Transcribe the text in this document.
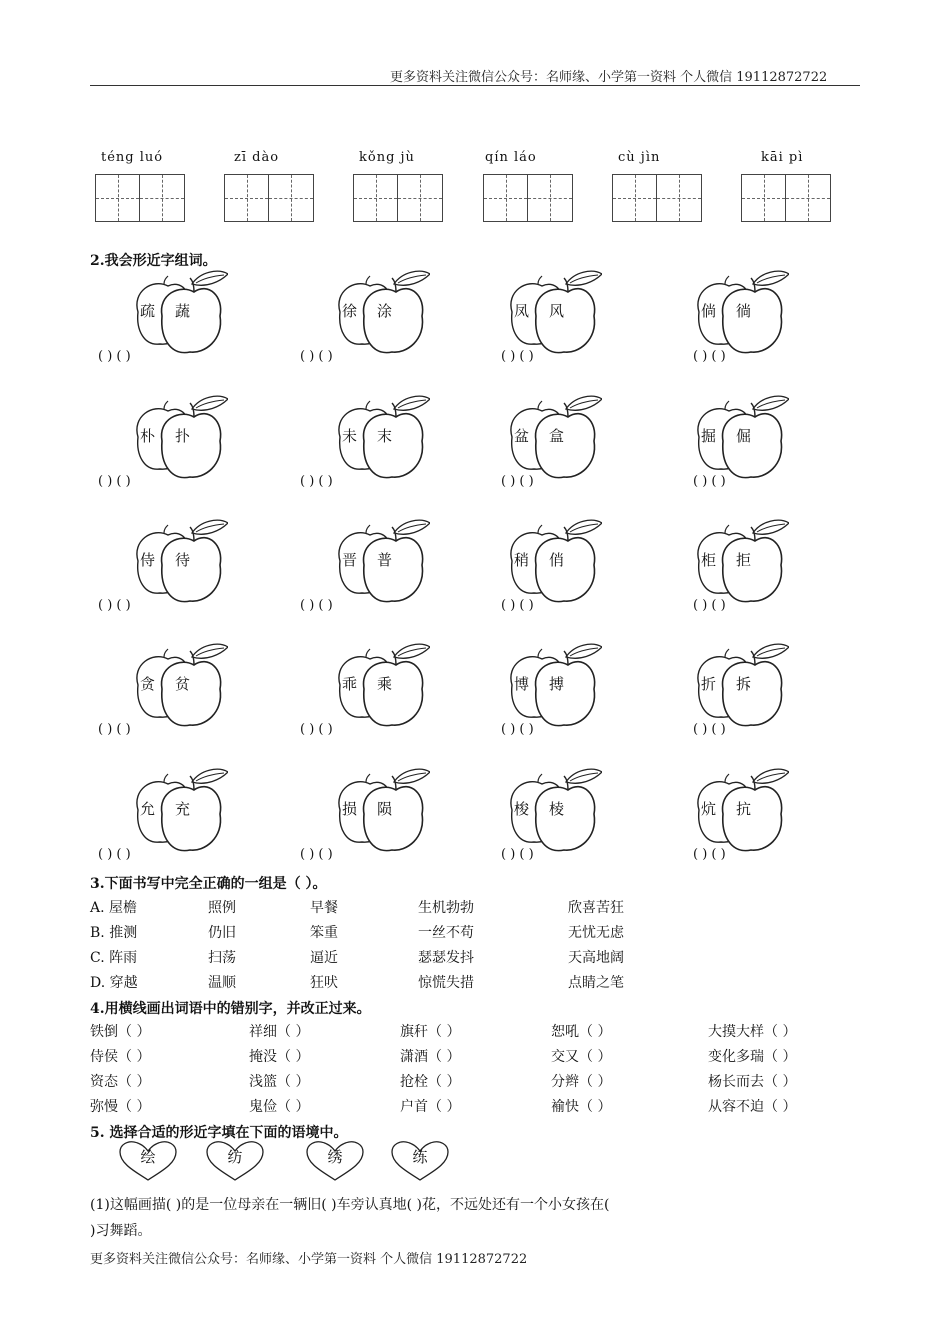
更多资料关注微信公众号：名师缘、小学第一资料 个人微信 19112872722
téng luó	zī dào	kǒng jù	qín láo	cù jìn	kāi pì
2.我会形近字组词。
疏 蔬
( ) ( )
徐 涂
( ) ( )
凤 风
( ) ( )
倘 徜
( ) ( )
朴 扑
( ) ( )
未 末
( ) ( )
盆 盒
( ) ( )
掘 倔
( ) ( )
侍 待
( ) ( )
晋 普
( ) ( )
稍 俏
( ) ( )
柜 拒
( ) ( )
贪 贫
( ) ( )
乖 乘
( ) ( )
博 搏
( ) ( )
折 拆
( ) ( )
允 充
( ) ( )
损 陨
( ) ( )
梭 棱
( ) ( )
炕 抗
( ) ( )
3.下面书写中完全正确的一组是（ ）。
A. 屋檐	照例	早餐	生机勃勃	欣喜苦狂
B. 推测	仍旧	笨重	一丝不苟	无忧无虑
C. 阵雨	扫荡	逼近	瑟瑟发抖	天高地阔
D. 穿越	温顺	狂吠	惊慌失措	点睛之笔
4.用横线画出词语中的错别字，并改正过来。
铁倒（ ）	祥细（ ）	旗秆（ ）	恕吼（ ）	大摸大样（ ）
侍侯（ ）	掩没（ ）	潇酒（ ）	交又（ ）	变化多瑞（ ）
资态（ ）	浅篮（ ）	抢栓（ ）	分辫（ ）	杨长而去（ ）
弥慢（ ）	鬼俭（ ）	户首（ ）	褕快（ ）	从容不迫（ ）
5. 选择合适的形近字填在下面的语境中。
绘	纺	绣	练
(1)这幅画描( )的是一位母亲在一辆旧( )车旁认真地( )花，不远处还有一个小女孩在(
)习舞蹈。
更多资料关注微信公众号：名师缘、小学第一资料 个人微信 19112872722
